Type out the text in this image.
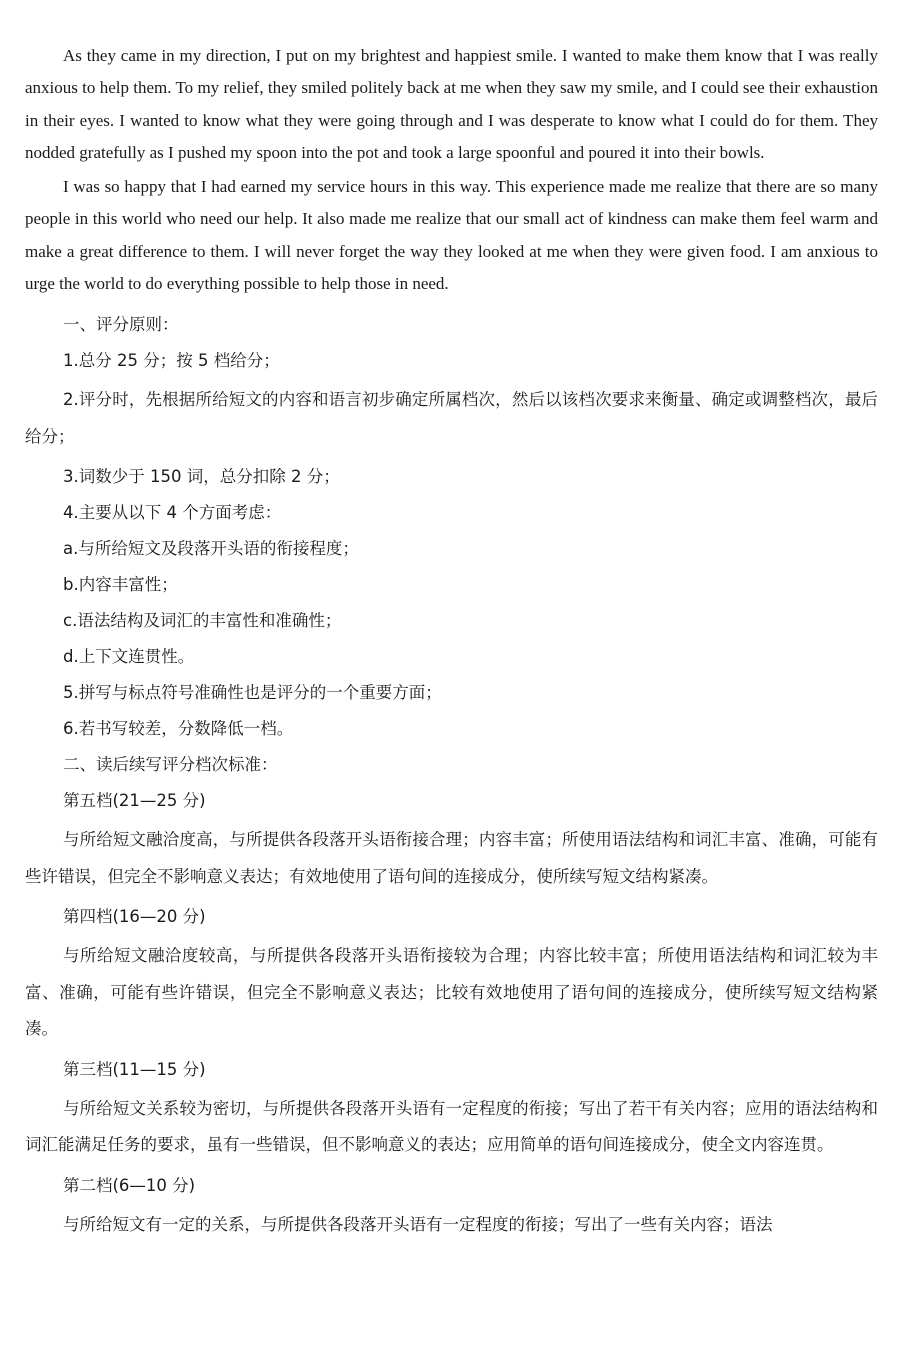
As they came in my direction, I put on my brightest and happiest smile. I wanted to make them know that I was really anxious to help them. To my relief, they smiled politely back at me when they saw my smile, and I could see their exhaustion in their eyes. I wanted to know what they were going through and I was desperate to know what I could do for them. They nodded gratefully as I pushed my spoon into the pot and took a large spoonful and poured it into their bowls.

I was so happy that I had earned my service hours in this way. This experience made me realize that there are so many people in this world who need our help. It also made me realize that our small act of kindness can make them feel warm and make a great difference to them. I will never forget the way they looked at me when they were given food. I am anxious to urge the world to do everything possible to help those in need.

一、评分原则：

1.总分 25 分；按 5 档给分；

2.评分时，先根据所给短文的内容和语言初步确定所属档次，然后以该档次要求来衡量、确定或调整档次，最后给分；

3.词数少于 150 词，总分扣除 2 分；

4.主要从以下 4 个方面考虑：

a.与所给短文及段落开头语的衔接程度；

b.内容丰富性；

c.语法结构及词汇的丰富性和准确性；

d.上下文连贯性。

5.拼写与标点符号准确性也是评分的一个重要方面；

6.若书写较差，分数降低一档。

二、读后续写评分档次标准：

第五档(21—25 分)

与所给短文融洽度高，与所提供各段落开头语衔接合理；内容丰富；所使用语法结构和词汇丰富、准确，可能有些许错误，但完全不影响意义表达；有效地使用了语句间的连接成分，使所续写短文结构紧凑。

第四档(16—20 分)

与所给短文融洽度较高，与所提供各段落开头语衔接较为合理；内容比较丰富；所使用语法结构和词汇较为丰富、准确，可能有些许错误，但完全不影响意义表达；比较有效地使用了语句间的连接成分，使所续写短文结构紧凑。

第三档(11—15 分)

与所给短文关系较为密切，与所提供各段落开头语有一定程度的衔接；写出了若干有关内容；应用的语法结构和词汇能满足任务的要求，虽有一些错误，但不影响意义的表达；应用简单的语句间连接成分，使全文内容连贯。

第二档(6—10 分)

与所给短文有一定的关系，与所提供各段落开头语有一定程度的衔接；写出了一些有关内容；语法
